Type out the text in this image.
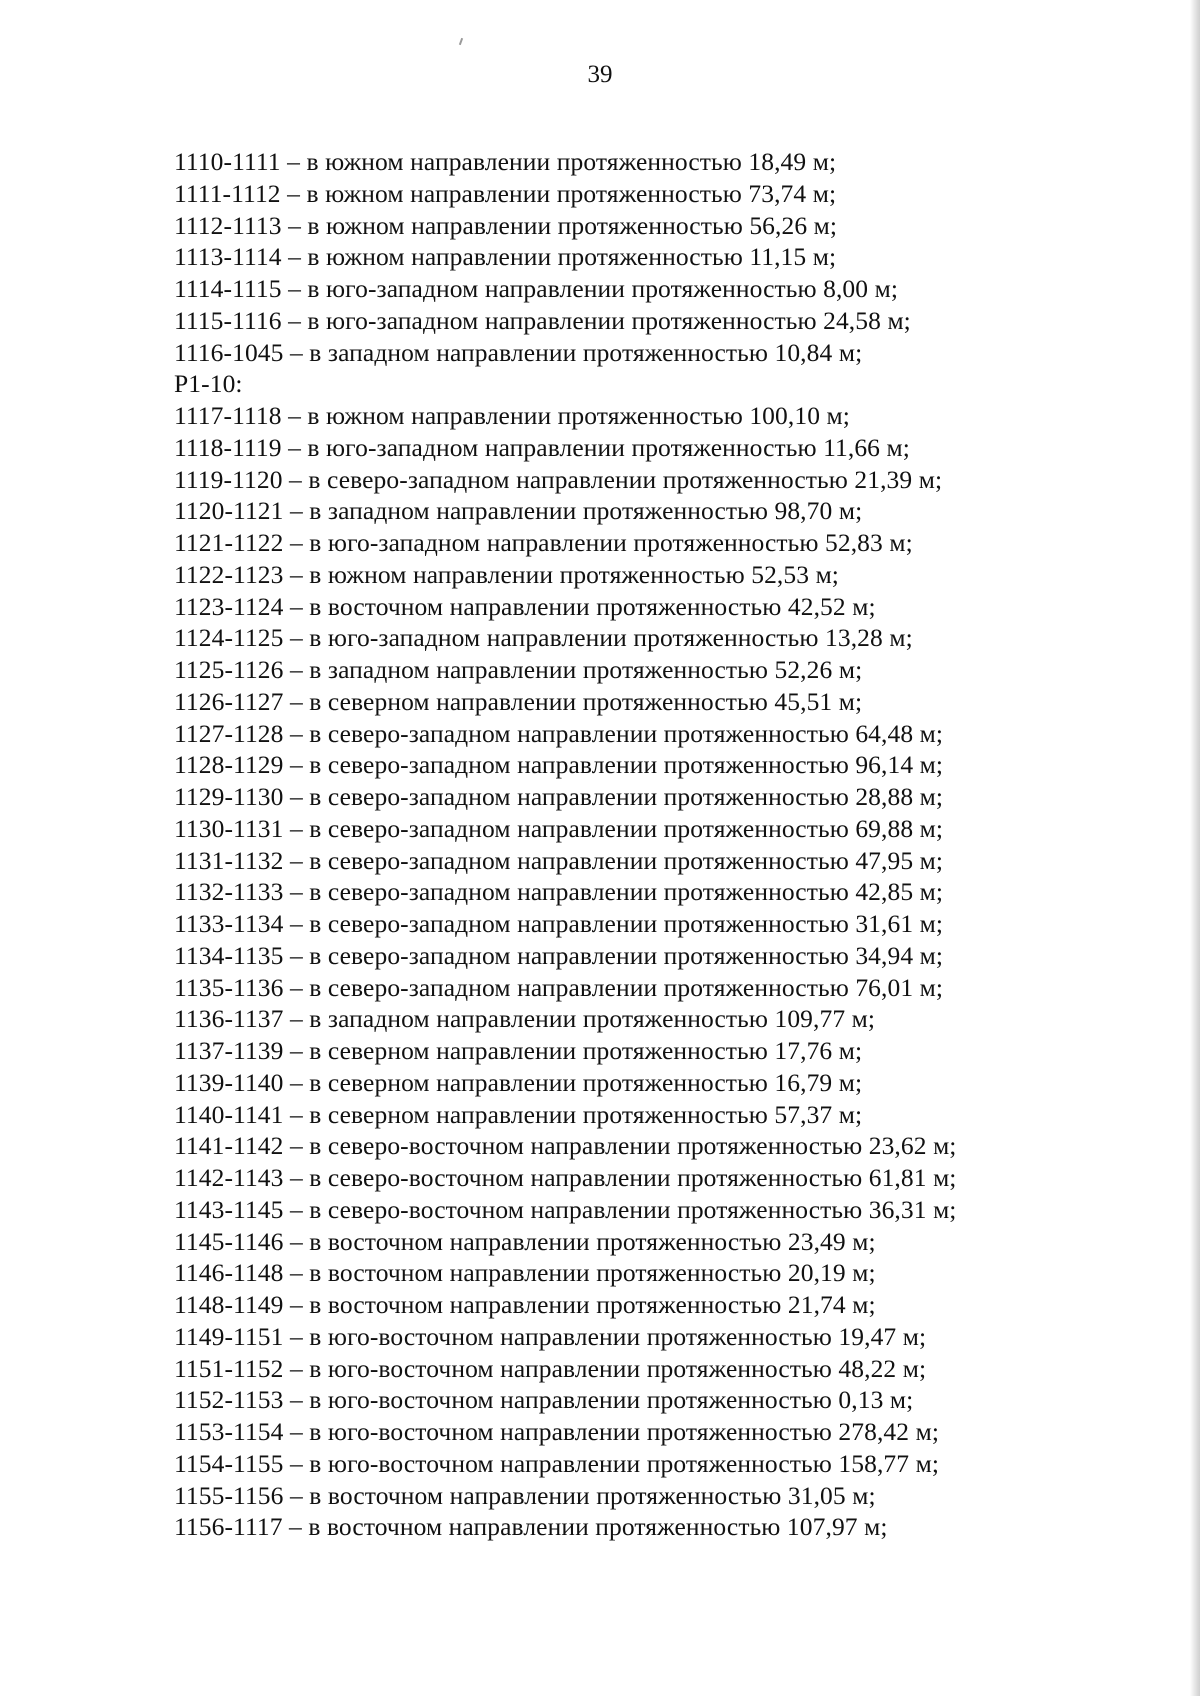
39
1110-1111 – в южном направлении протяженностью 18,49 м;
1111-1112 – в южном направлении протяженностью 73,74 м;
1112-1113 – в южном направлении протяженностью 56,26 м;
1113-1114 – в южном направлении протяженностью 11,15 м;
1114-1115 – в юго-западном направлении протяженностью 8,00 м;
1115-1116 – в юго-западном направлении протяженностью 24,58 м;
1116-1045 – в западном направлении протяженностью 10,84 м;
Р1-10:
1117-1118 – в южном направлении протяженностью 100,10 м;
1118-1119 – в юго-западном направлении протяженностью 11,66 м;
1119-1120 – в северо-западном направлении протяженностью 21,39 м;
1120-1121 – в западном направлении протяженностью 98,70 м;
1121-1122 – в юго-западном направлении протяженностью 52,83 м;
1122-1123 – в южном направлении протяженностью 52,53 м;
1123-1124 – в восточном направлении протяженностью 42,52 м;
1124-1125 – в юго-западном направлении протяженностью 13,28 м;
1125-1126 – в западном направлении протяженностью 52,26 м;
1126-1127 – в северном направлении протяженностью 45,51 м;
1127-1128 – в северо-западном направлении протяженностью 64,48 м;
1128-1129 – в северо-западном направлении протяженностью 96,14 м;
1129-1130 – в северо-западном направлении протяженностью 28,88 м;
1130-1131 – в северо-западном направлении протяженностью 69,88 м;
1131-1132 – в северо-западном направлении протяженностью 47,95 м;
1132-1133 – в северо-западном направлении протяженностью 42,85 м;
1133-1134 – в северо-западном направлении протяженностью 31,61 м;
1134-1135 – в северо-западном направлении протяженностью 34,94 м;
1135-1136 – в северо-западном направлении протяженностью 76,01 м;
1136-1137 – в западном направлении протяженностью 109,77 м;
1137-1139 – в северном направлении протяженностью 17,76 м;
1139-1140 – в северном направлении протяженностью 16,79 м;
1140-1141 – в северном направлении протяженностью 57,37 м;
1141-1142 – в северо-восточном направлении протяженностью 23,62 м;
1142-1143 – в северо-восточном направлении протяженностью 61,81 м;
1143-1145 – в северо-восточном направлении протяженностью 36,31 м;
1145-1146 – в восточном направлении протяженностью 23,49 м;
1146-1148 – в восточном направлении протяженностью 20,19 м;
1148-1149 – в восточном направлении протяженностью 21,74 м;
1149-1151 – в юго-восточном направлении протяженностью 19,47 м;
1151-1152 – в юго-восточном направлении протяженностью 48,22 м;
1152-1153 – в юго-восточном направлении протяженностью 0,13 м;
1153-1154 – в юго-восточном направлении протяженностью 278,42 м;
1154-1155 – в юго-восточном направлении протяженностью 158,77 м;
1155-1156 – в восточном направлении протяженностью 31,05 м;
1156-1117 – в восточном направлении протяженностью 107,97 м;
